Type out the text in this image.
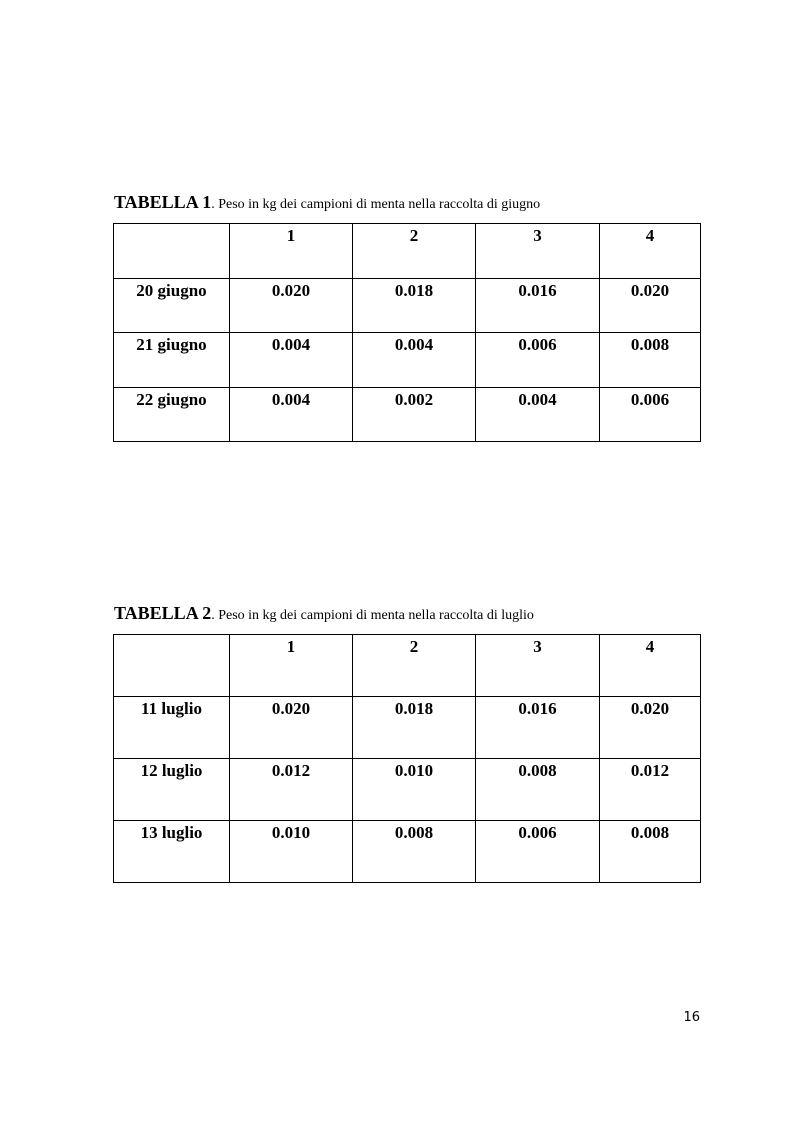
TABELLA 1. Peso in kg dei campioni di menta nella raccolta di giugno
	1	2	3	4
20 giugno	0.020	0.018	0.016	0.020
21 giugno	0.004	0.004	0.006	0.008
22 giugno	0.004	0.002	0.004	0.006
TABELLA 2. Peso in kg dei campioni di menta nella raccolta di luglio
	1	2	3	4
11 luglio	0.020	0.018	0.016	0.020
12 luglio	0.012	0.010	0.008	0.012
13 luglio	0.010	0.008	0.006	0.008
16
